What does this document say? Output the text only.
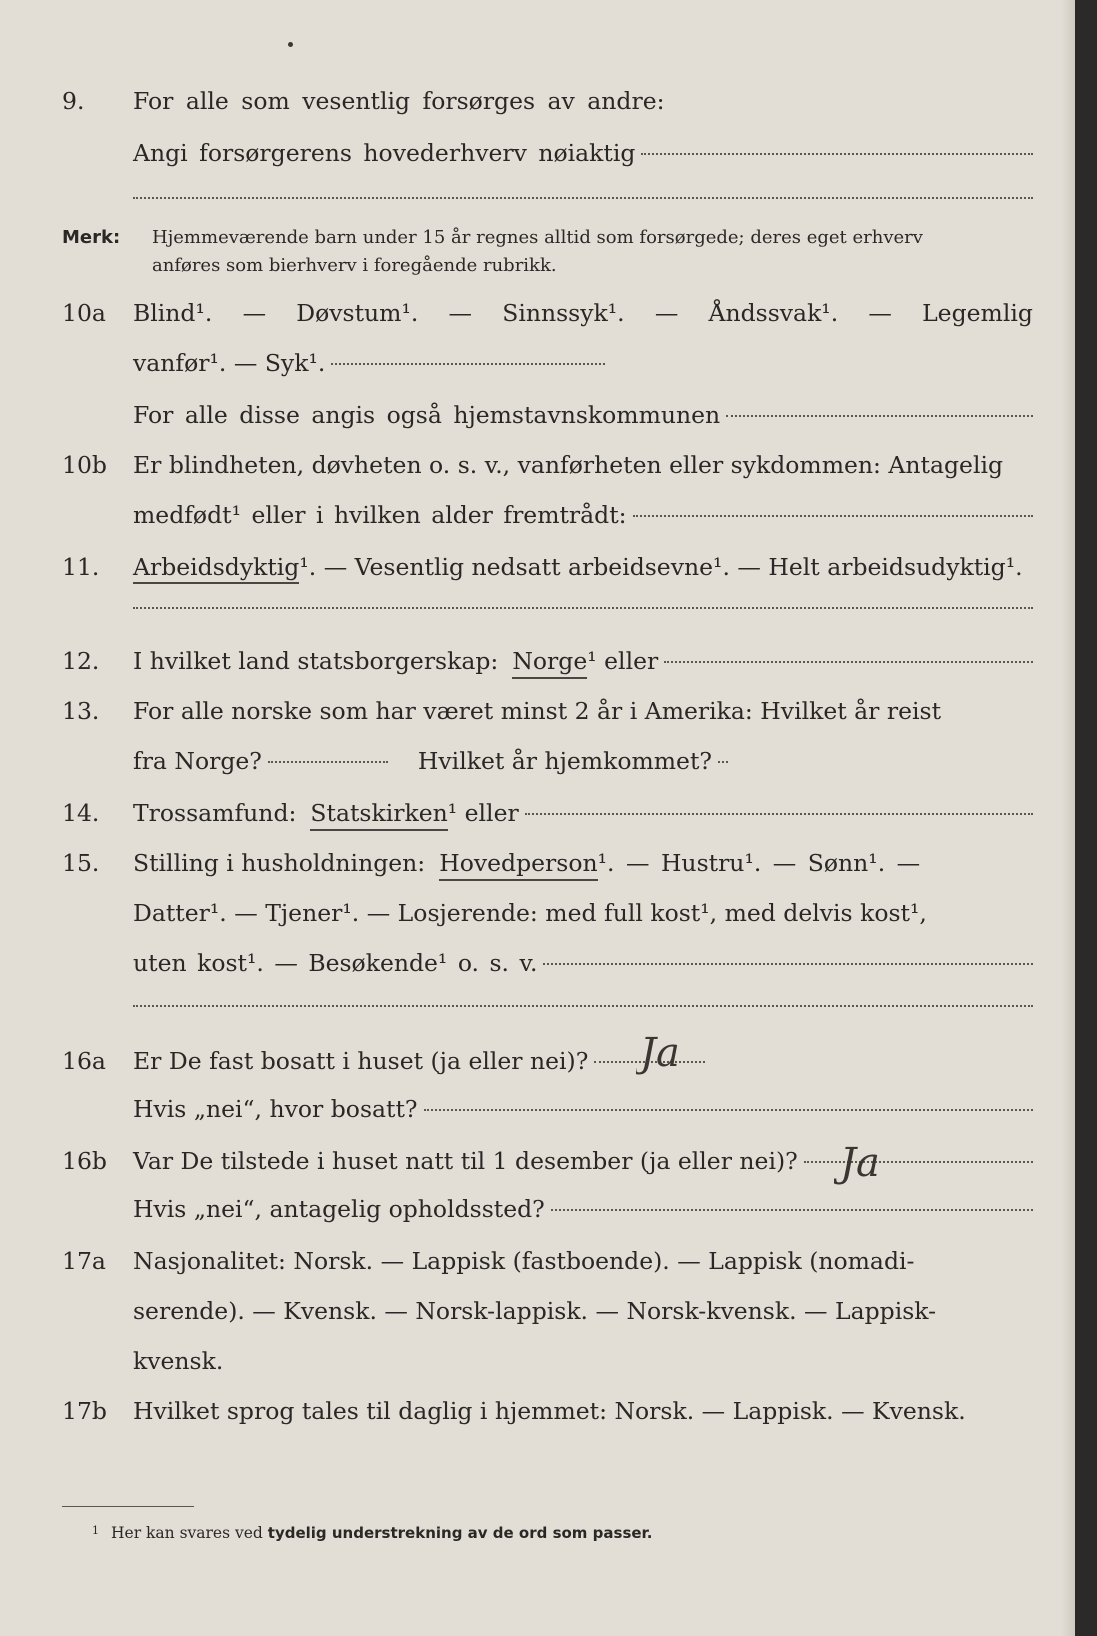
9. For alle som vesentlig forsørges av andre:
Angi forsørgerens hovederhverv nøiaktig
Merk: Hjemmeværende barn under 15 år regnes alltid som forsørgede; deres eget erhverv
anføres som bierhverv i foregående rubrikk.
10a Blind¹. — Døvstum¹. — Sinnssyk¹. — Åndssvak¹. — Legemlig
vanfør¹. — Syk¹.
For alle disse angis også hjemstavnskommunen
10b Er blindheten, døvheten o. s. v., vanførheten eller sykdommen: Antagelig
medfødt¹ eller i hvilken alder fremtrådt:
11. Arbeidsdyktig¹. — Vesentlig nedsatt arbeidsevne¹. — Helt arbeidsudyktig¹.
12. I hvilket land statsborgerskap: Norge ¹ eller
13. For alle norske som har været minst 2 år i Amerika: Hvilket år reist
fra Norge?	Hvilket år hjemkommet?
14. Trossamfund: Statskirken ¹ eller
15. Stilling i husholdningen: Hovedperson ¹. — Hustru¹. — Sønn¹. —
Datter¹. — Tjener¹. — Losjerende: med full kost¹, med delvis kost¹,
uten kost¹. — Besøkende¹ o. s. v.
16a Er De fast bosatt i huset (ja eller nei)? Ja
Hvis „nei“, hvor bosatt?
16b Var De tilstede i huset natt til 1 desember (ja eller nei)? Ja
Hvis „nei“, antagelig opholdssted?
17a Nasjonalitet: Norsk. — Lappisk (fastboende). — Lappisk (nomadi-
serende). — Kvensk. — Norsk-lappisk. — Norsk-kvensk. — Lappisk-
kvensk.
17b Hvilket sprog tales til daglig i hjemmet: Norsk. — Lappisk. — Kvensk.
$^1$ Her kan svares ved tydelig understrekning av de ord som passer.
